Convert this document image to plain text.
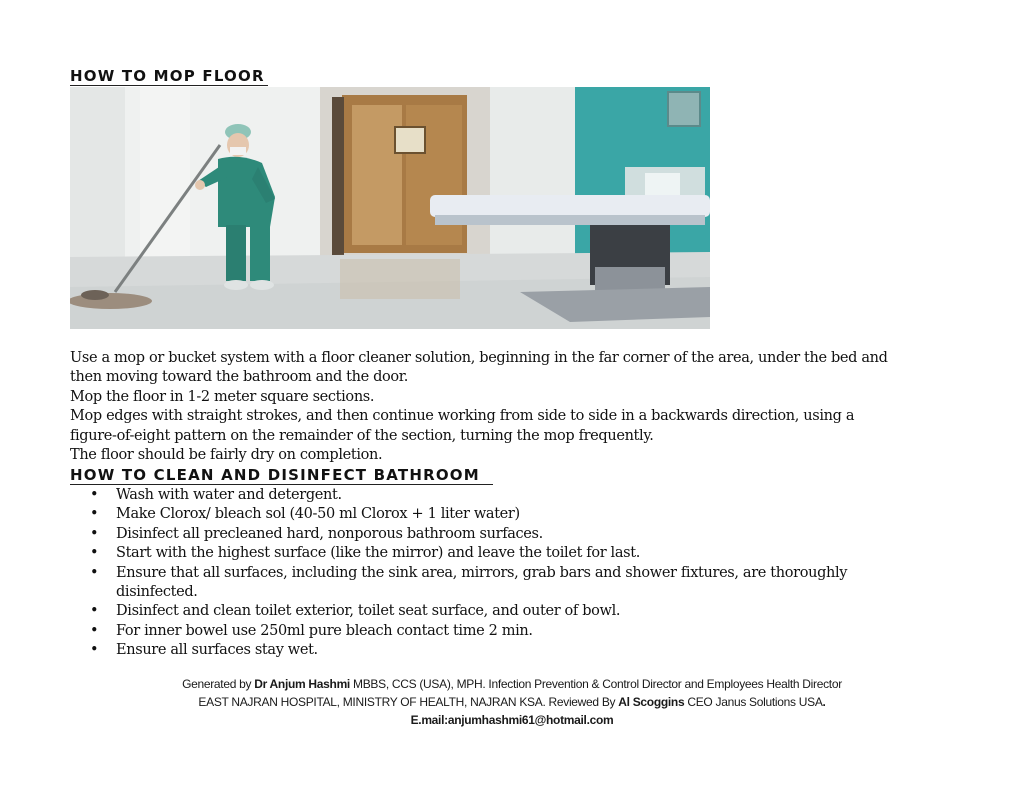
HOW TO MOP FLOOR

Use a mop or bucket system with a floor cleaner solution, beginning in the far corner of the area, under the bed and

then moving toward the bathroom and the door.

Mop the floor in 1-2 meter square sections.

Mop edges with straight strokes, and then continue working from side to side in a backwards direction, using a

figure-of-eight pattern on the remainder of the section, turning the mop frequently.

The floor should be fairly dry on completion.

HOW TO CLEAN AND DISINFECT BATHROOM
• Wash with water and detergent.
• Make Clorox/ bleach sol (40-50 ml Clorox + 1 liter water)
• Disinfect all precleaned hard, nonporous bathroom surfaces.
• Start with the highest surface (like the mirror) and leave the toilet for last.
• Ensure that all surfaces, including the sink area, mirrors, grab bars and shower fixtures, are thoroughly
disinfected.
• Disinfect and clean toilet exterior, toilet seat surface, and outer of bowl.
• For inner bowel use 250ml pure bleach contact time 2 min.
• Ensure all surfaces stay wet.
Generated by Dr Anjum Hashmi MBBS, CCS (USA), MPH. Infection Prevention & Control Director and Employees Health Director
EAST NAJRAN HOSPITAL, MINISTRY OF HEALTH, NAJRAN KSA. Reviewed By Al Scoggins CEO Janus Solutions USA.
E.mail:anjumhashmi61@hotmail.com
